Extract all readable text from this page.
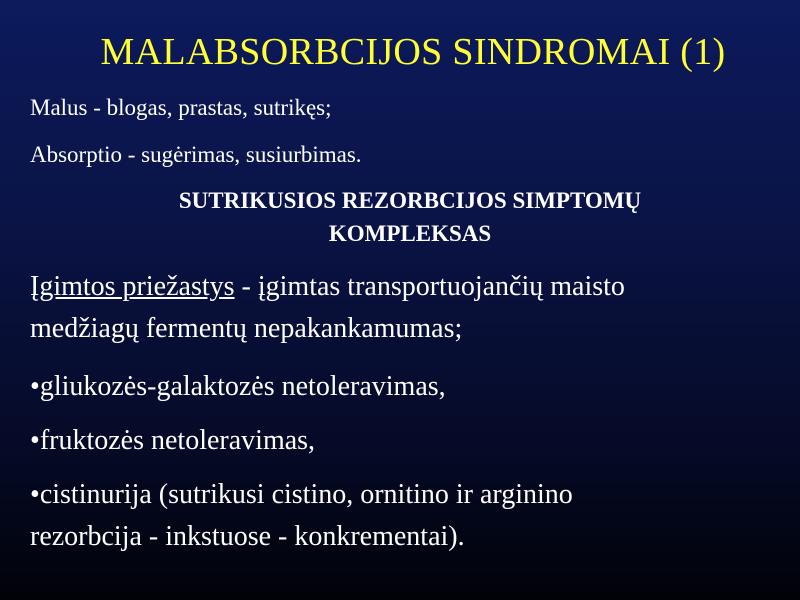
MALABSORBCIJOS SINDROMAI (1)
Malus - blogas, prastas, sutrikęs;
Absorptio - sugėrimas, susiurbimas.
SUTRIKUSIOS REZORBCIJOS SIMPTOMŲ
KOMPLEKSAS
Įgimtos priežastys - įgimtas transportuojančių maisto
medžiagų fermentų nepakankamumas;
•gliukozės-galaktozės netoleravimas,
•fruktozės netoleravimas,
•cistinurija (sutrikusi cistino, ornitino ir arginino
rezorbcija - inkstuose - konkrementai).
